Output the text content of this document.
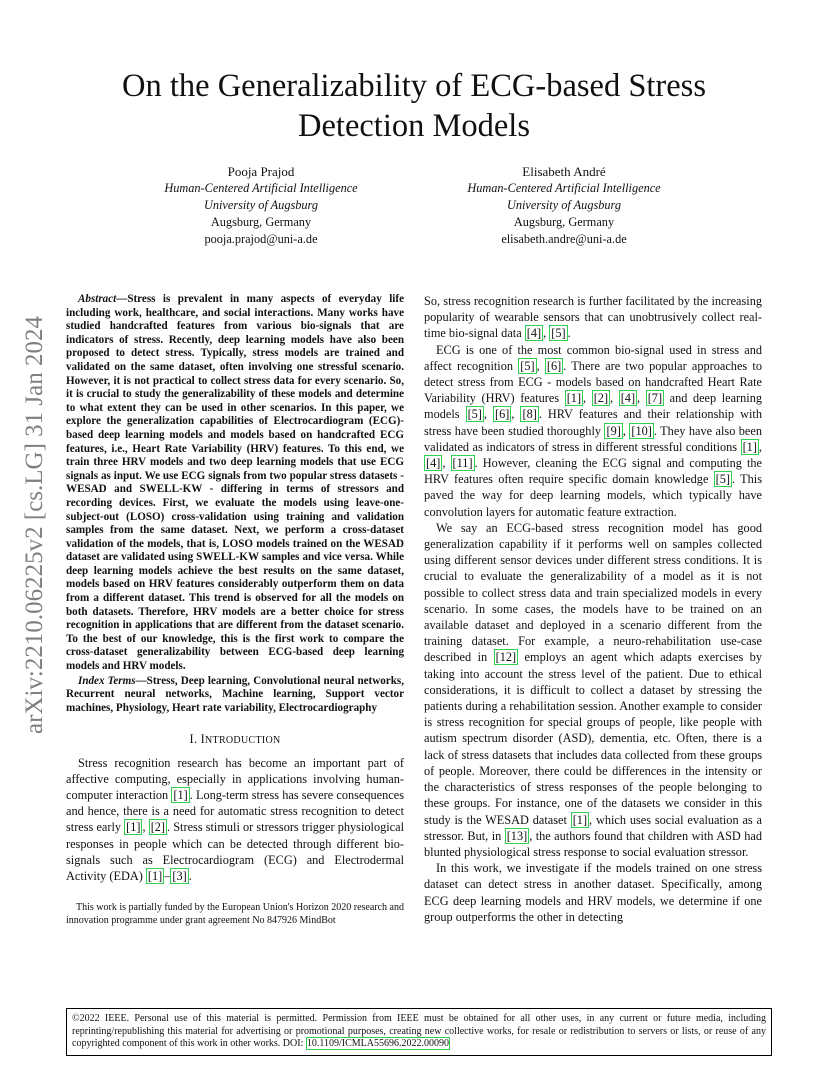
arXiv:2210.06225v2 [cs.LG] 31 Jan 2024
On the Generalizability of ECG-based Stress Detection Models
Pooja Prajod
Human-Centered Artificial Intelligence
University of Augsburg
Augsburg, Germany
pooja.prajod@uni-a.de
Elisabeth André
Human-Centered Artificial Intelligence
University of Augsburg
Augsburg, Germany
elisabeth.andre@uni-a.de

Abstract—Stress is prevalent in many aspects of everyday life including work, healthcare, and social interactions. Many works have studied handcrafted features from various bio-signals that are indicators of stress. Recently, deep learning models have also been proposed to detect stress. Typically, stress models are trained and validated on the same dataset, often involving one stressful scenario. However, it is not practical to collect stress data for every scenario. So, it is crucial to study the generalizability of these models and determine to what extent they can be used in other scenarios. In this paper, we explore the generalization capabilities of Electrocardiogram (ECG)-based deep learning models and models based on handcrafted ECG features, i.e., Heart Rate Variability (HRV) features. To this end, we train three HRV models and two deep learning models that use ECG signals as input. We use ECG signals from two popular stress datasets - WESAD and SWELL-KW - differing in terms of stressors and recording devices. First, we evaluate the models using leave-one-subject-out (LOSO) cross-validation using training and validation samples from the same dataset. Next, we perform a cross-dataset validation of the models, that is, LOSO models trained on the WESAD dataset are validated using SWELL-KW samples and vice versa. While deep learning models achieve the best results on the same dataset, models based on HRV features considerably outperform them on data from a different dataset. This trend is observed for all the models on both datasets. Therefore, HRV models are a better choice for stress recognition in applications that are different from the dataset scenario. To the best of our knowledge, this is the first work to compare the cross-dataset generalizability between ECG-based deep learning models and HRV models.

Index Terms—Stress, Deep learning, Convolutional neural networks, Recurrent neural networks, Machine learning, Support vector machines, Physiology, Heart rate variability, Electrocardiography

I. INTRODUCTION

Stress recognition research has become an important part of affective computing, especially in applications involving human-computer interaction [1] . Long-term stress has severe consequences and hence, there is a need for automatic stress recognition to detect stress early [1] , [2] . Stress stimuli or stressors trigger physiological responses in people which can be detected through different bio-signals such as Electrocardiogram (ECG) and Electrodermal Activity (EDA) [1] – [3] .

This work is partially funded by the European Union's Horizon 2020 research and innovation programme under grant agreement No 847926 MindBot

So, stress recognition research is further facilitated by the increasing popularity of wearable sensors that can unobtrusively collect real-time bio-signal data [4] , [5] .

ECG is one of the most common bio-signal used in stress and affect recognition [5] , [6] . There are two popular approaches to detect stress from ECG - models based on handcrafted Heart Rate Variability (HRV) features [1] , [2] , [4] , [7] and deep learning models [5] , [6] , [8] . HRV features and their relationship with stress have been studied thoroughly [9] , [10] . They have also been validated as indicators of stress in different stressful conditions [1] , [4] , [11] . However, cleaning the ECG signal and computing the HRV features often require specific domain knowledge [5] . This paved the way for deep learning models, which typically have convolution layers for automatic feature extraction.

We say an ECG-based stress recognition model has good generalization capability if it performs well on samples collected using different sensor devices under different stress conditions. It is crucial to evaluate the generalizability of a model as it is not possible to collect stress data and train specialized models in every scenario. In some cases, the models have to be trained on an available dataset and deployed in a scenario different from the training dataset. For example, a neuro-rehabilitation use-case described in [12] employs an agent which adapts exercises by taking into account the stress level of the patient. Due to ethical considerations, it is difficult to collect a dataset by stressing the patients during a rehabilitation session. Another example to consider is stress recognition for special groups of people, like people with autism spectrum disorder (ASD), dementia, etc. Often, there is a lack of stress datasets that includes data collected from these groups of people. Moreover, there could be differences in the intensity or the characteristics of stress responses of the people belonging to these groups. For instance, one of the datasets we consider in this study is the WESAD dataset [1] , which uses social evaluation as a stressor. But, in [13] , the authors found that children with ASD had blunted physiological stress response to social evaluation stressor.

In this work, we investigate if the models trained on one stress dataset can detect stress in another dataset. Specifically, among ECG deep learning models and HRV models, we determine if one group outperforms the other in detecting

©2022 IEEE. Personal use of this material is permitted. Permission from IEEE must be obtained for all other uses, in any current or future media, including reprinting/republishing this material for advertising or promotional purposes, creating new collective works, for resale or redistribution to servers or lists, or reuse of any copyrighted component of this work in other works. DOI: 10.1109/ICMLA55696.2022.00090
